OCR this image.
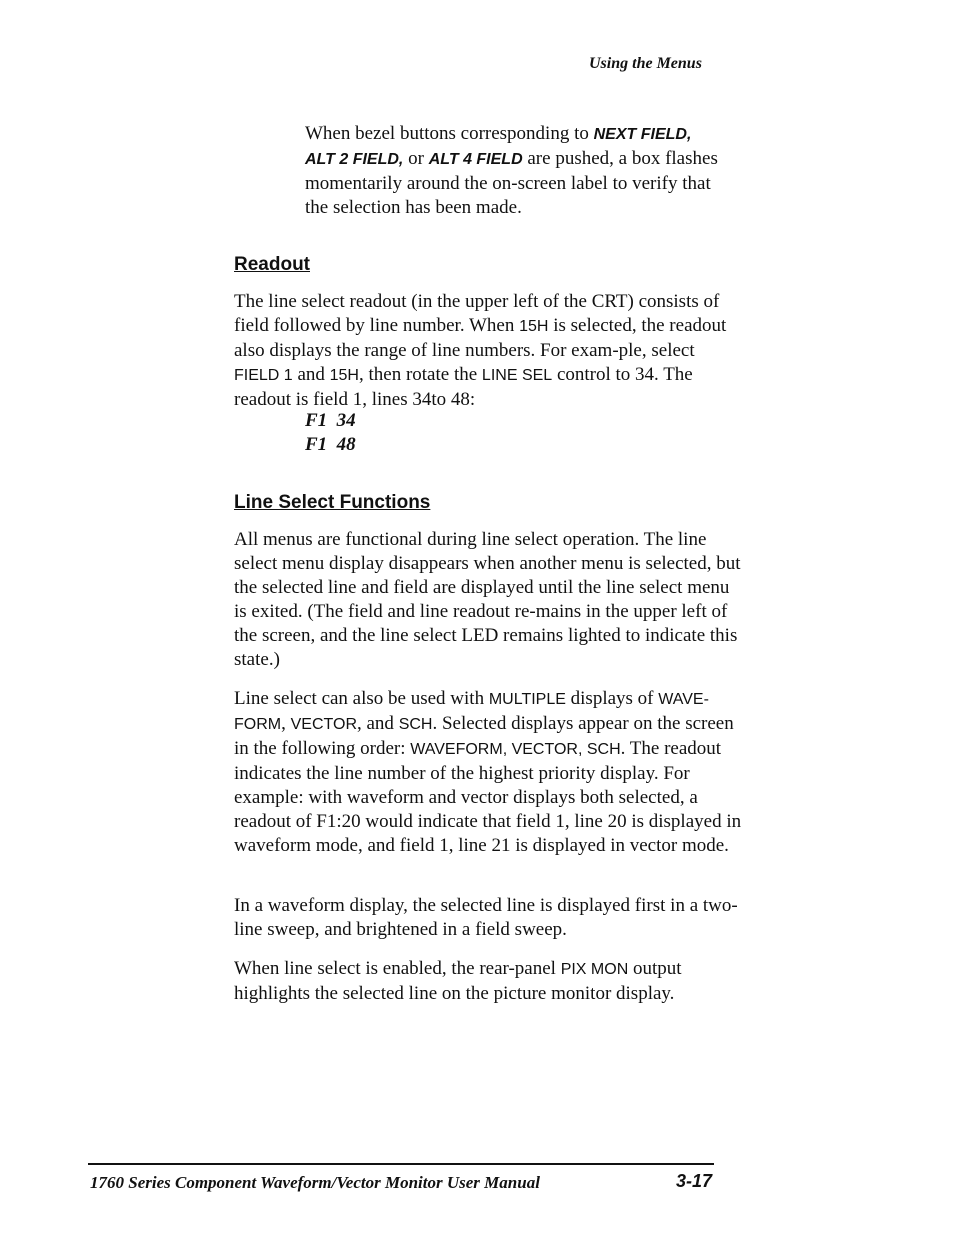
Using the Menus
When bezel buttons corresponding to NEXT FIELD,
ALT 2 FIELD, or ALT 4 FIELD are pushed, a box flashes momentarily around the on-screen label to verify that the selection has been made.
Readout
The line select readout (in the upper left of the CRT) consists of field followed by line number. When 15H is selected, the readout also displays the range of line numbers. For exam-ple, select FIELD 1 and 15H, then rotate the LINE SEL control to 34. The readout is field 1, lines 34to 48:
F1  34
F1  48
Line Select Functions
All menus are functional during line select operation. The line select menu display disappears when another menu is selected, but the selected line and field are displayed until the line select menu is exited. (The field and line readout re-mains in the upper left of the screen, and the line select LED remains lighted to indicate this state.)
Line select can also be used with MULTIPLE displays of WAVE-FORM, VECTOR, and SCH. Selected displays appear on the screen in the following order: WAVEFORM, VECTOR, SCH. The readout indicates the line number of the highest priority display. For example: with waveform and vector displays both selected, a readout of F1:20 would indicate that field 1, line 20 is displayed in waveform mode, and field 1, line 21 is displayed in vector mode.
In a waveform display, the selected line is displayed first in a two-line sweep, and brightened in a field sweep.
When line select is enabled, the rear-panel PIX MON output highlights the selected line on the picture monitor display.
1760 Series Component Waveform/Vector Monitor User Manual	3-17
